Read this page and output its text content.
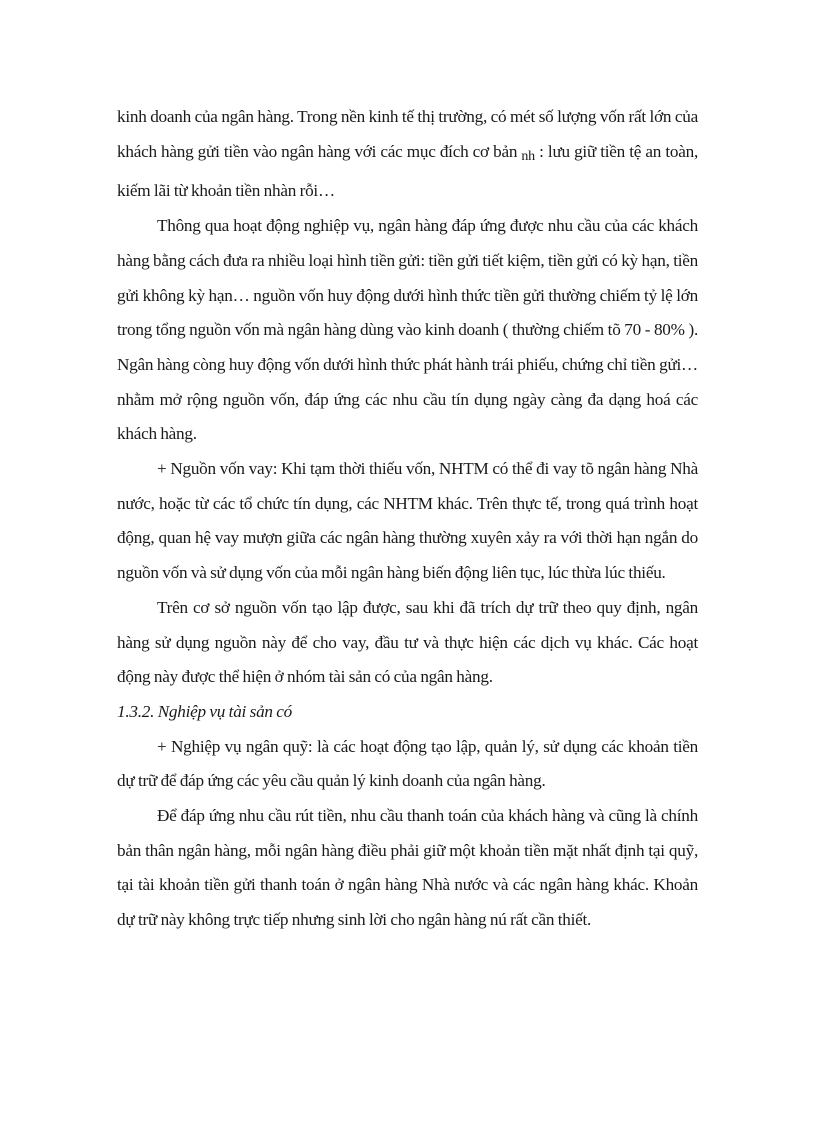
kinh doanh của ngân hàng. Trong nền kinh tế thị trường, có mét số lượng vốn rất lớn của khách hàng gửi tiền vào ngân hàng với các mục đích cơ bản $_{nh}$ : lưu giữ tiền tệ an toàn, kiếm lãi từ khoản tiền nhàn rỗi…

Thông qua hoạt động nghiệp vụ, ngân hàng đáp ứng được nhu cầu của các khách hàng bằng cách đưa ra nhiều loại hình tiền gửi: tiền gửi tiết kiệm, tiền gửi có kỳ hạn, tiền gửi không kỳ hạn… nguồn vốn huy động dưới hình thức tiền gửi thường chiếm tỷ lệ lớn trong tổng nguồn vốn mà ngân hàng dùng vào kinh doanh ( thường chiếm tõ 70 - 80% ). Ngân hàng còng huy động vốn dưới hình thức phát hành trái phiếu, chứng chỉ tiền gửi… nhằm mở rộng nguồn vốn, đáp ứng các nhu cầu tín dụng ngày càng đa dạng hoá các khách hàng.

+ Nguồn vốn vay: Khi tạm thời thiếu vốn, NHTM có thể đi vay tõ ngân hàng Nhà nước, hoặc từ các tổ chức tín dụng, các NHTM khác. Trên thực tế, trong quá trình hoạt động, quan hệ vay mượn giữa các ngân hàng thường xuyên xảy ra với thời hạn ngắn do nguồn vốn và sử dụng vốn của mỗi ngân hàng biến động liên tục, lúc thừa lúc thiếu.

Trên cơ sở nguồn vốn tạo lập được, sau khi đã trích dự trữ theo quy định, ngân hàng sử dụng nguồn này để cho vay, đầu tư và thực hiện các dịch vụ khác. Các hoạt động này được thể hiện ở nhóm tài sản có của ngân hàng.

1.3.2. Nghiệp vụ tài sản có

+ Nghiệp vụ ngân quỹ: là các hoạt động tạo lập, quản lý, sử dụng các khoản tiền dự trữ để đáp ứng các yêu cầu quản lý kinh doanh của ngân hàng.

Để đáp ứng nhu cầu rút tiền, nhu cầu thanh toán của khách hàng và cũng là chính bản thân ngân hàng, mỗi ngân hàng điều phải giữ một khoản tiền mặt nhất định tại quỹ, tại tài khoản tiền gửi thanh toán ở ngân hàng Nhà nước và các ngân hàng khác. Khoản dự trữ này không trực tiếp nhưng sinh lời cho ngân hàng nú rất cần thiết.
